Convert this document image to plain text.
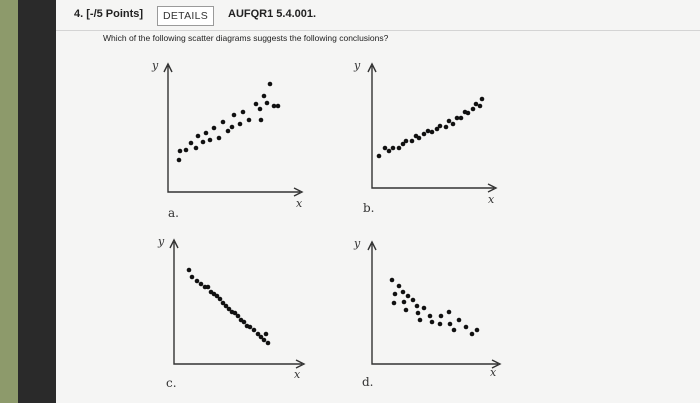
4. [-/5 Points]	DETAILS	AUFQR1 5.4.001.
Which of the following scatter diagrams suggests the following conclusions?
y
x
a.
y
x
b.
y
x
c.
y
x
d.
